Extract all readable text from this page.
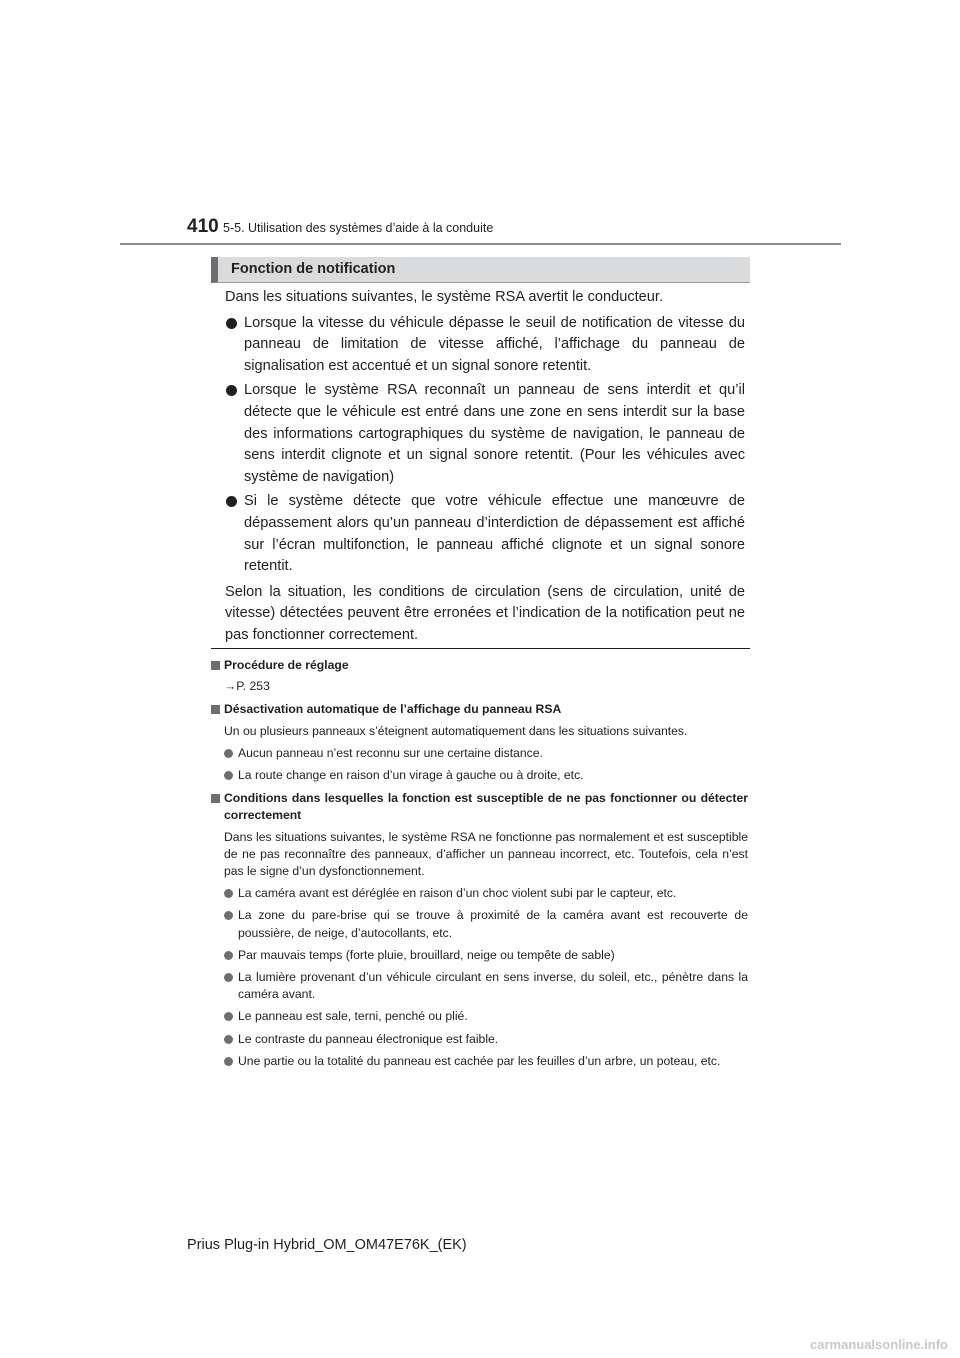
410 5-5. Utilisation des systèmes d’aide à la conduite
Fonction de notification

Dans les situations suivantes, le système RSA avertit le conducteur.

Lorsque la vitesse du véhicule dépasse le seuil de notification de vitesse du panneau de limitation de vitesse affiché, l’affichage du panneau de signalisation est accentué et un signal sonore retentit.
Lorsque le système RSA reconnaît un panneau de sens interdit et qu’il détecte que le véhicule est entré dans une zone en sens interdit sur la base des informations cartographiques du système de navigation, le panneau de sens interdit clignote et un signal sonore retentit. (Pour les véhicules avec système de navigation)
Si le système détecte que votre véhicule effectue une manœuvre de dépassement alors qu’un panneau d’interdiction de dépassement est affiché sur l’écran multifonction, le panneau affiché clignote et un signal sonore retentit.

Selon la situation, les conditions de circulation (sens de circulation, unité de vitesse) détectées peuvent être erronées et l’indication de la notification peut ne pas fonctionner correctement.

Procédure de réglage
→P. 253
Désactivation automatique de l’affichage du panneau RSA
Un ou plusieurs panneaux s’éteignent automatiquement dans les situations suivantes.
Aucun panneau n’est reconnu sur une certaine distance.
La route change en raison d’un virage à gauche ou à droite, etc.
Conditions dans lesquelles la fonction est susceptible de ne pas fonctionner ou détecter correctement
Dans les situations suivantes, le système RSA ne fonctionne pas normalement et est susceptible de ne pas reconnaître des panneaux, d’afficher un panneau incorrect, etc. Toutefois, cela n’est pas le signe d’un dysfonctionnement.
La caméra avant est déréglée en raison d’un choc violent subi par le capteur, etc.
La zone du pare-brise qui se trouve à proximité de la caméra avant est recouverte de poussière, de neige, d’autocollants, etc.
Par mauvais temps (forte pluie, brouillard, neige ou tempête de sable)
La lumière provenant d’un véhicule circulant en sens inverse, du soleil, etc., pénètre dans la caméra avant.
Le panneau est sale, terni, penché ou plié.
Le contraste du panneau électronique est faible.
Une partie ou la totalité du panneau est cachée par les feuilles d’un arbre, un poteau, etc.
Prius Plug-in Hybrid_OM_OM47E76K_(EK)
carmanualsonline.info
